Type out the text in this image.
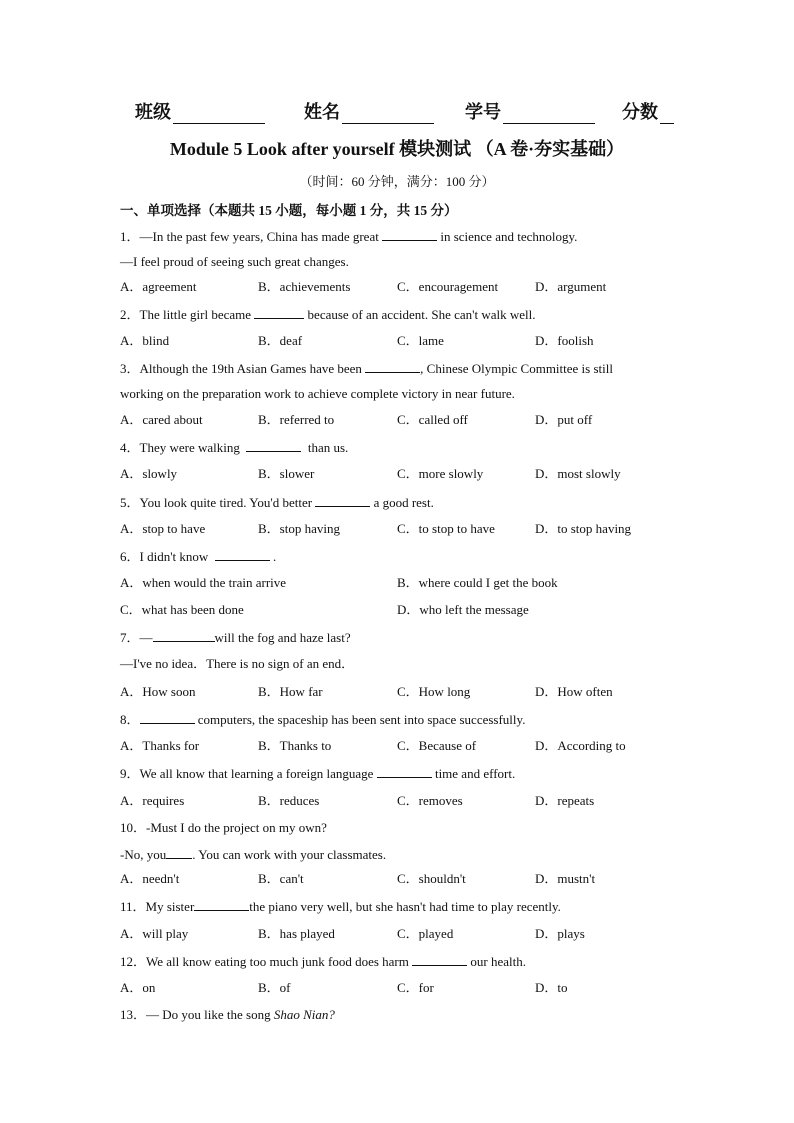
班级	姓名	学号	分数
Module 5 Look after yourself 模块测试 （A 卷·夯实基础）
（时间：60 分钟，满分：100 分）
一、单项选择（本题共 15 小题，每小题 1 分，共 15 分）
1．—In the past few years, China has made great	in science and technology.
—I feel proud of seeing such great changes.
A．agreement	B．achievements	C．encouragement	D．argument
2．The little girl became	because of an accident. She can't walk well.
A．blind	B．deaf	C．lame	D．foolish
3．Although the 19th Asian Games have been	, Chinese Olympic Committee is still
working on the preparation work to achieve complete victory in near future.
A．cared about	B．referred to	C．called off	D．put off
4．They were walking	than us.
A．slowly	B．slower	C．more slowly	D．most slowly
5．You look quite tired. You'd better	a good rest.
A．stop to have	B．stop having	C．to stop to have	D．to stop having
6．I didn't know	.
A．when would the train arrive	B．where could I get the book
C．what has been done	D．who left the message
7．—	will the fog and haze last?
—I've no idea．There is no sign of an end．
A．How soon	B．How far	C．How long	D．How often
8．	computers, the spaceship has been sent into space successfully.
A．Thanks for	B．Thanks to	C．Because of	D．According to
9．We all know that learning a foreign language	time and effort.
A．requires	B．reduces	C．removes	D．repeats
10．-Must I do the project on my own?
-No, you . You can work with your classmates.
A．needn't	B．can't	C．shouldn't	D．mustn't
11．My sister	the piano very well, but she hasn't had time to play recently.
A．will play	B．has played	C．played	D．plays
12．We all know eating too much junk food does harm	our health.
A．on	B．of	C．for	D．to
13．— Do you like the song Shao Nian?
